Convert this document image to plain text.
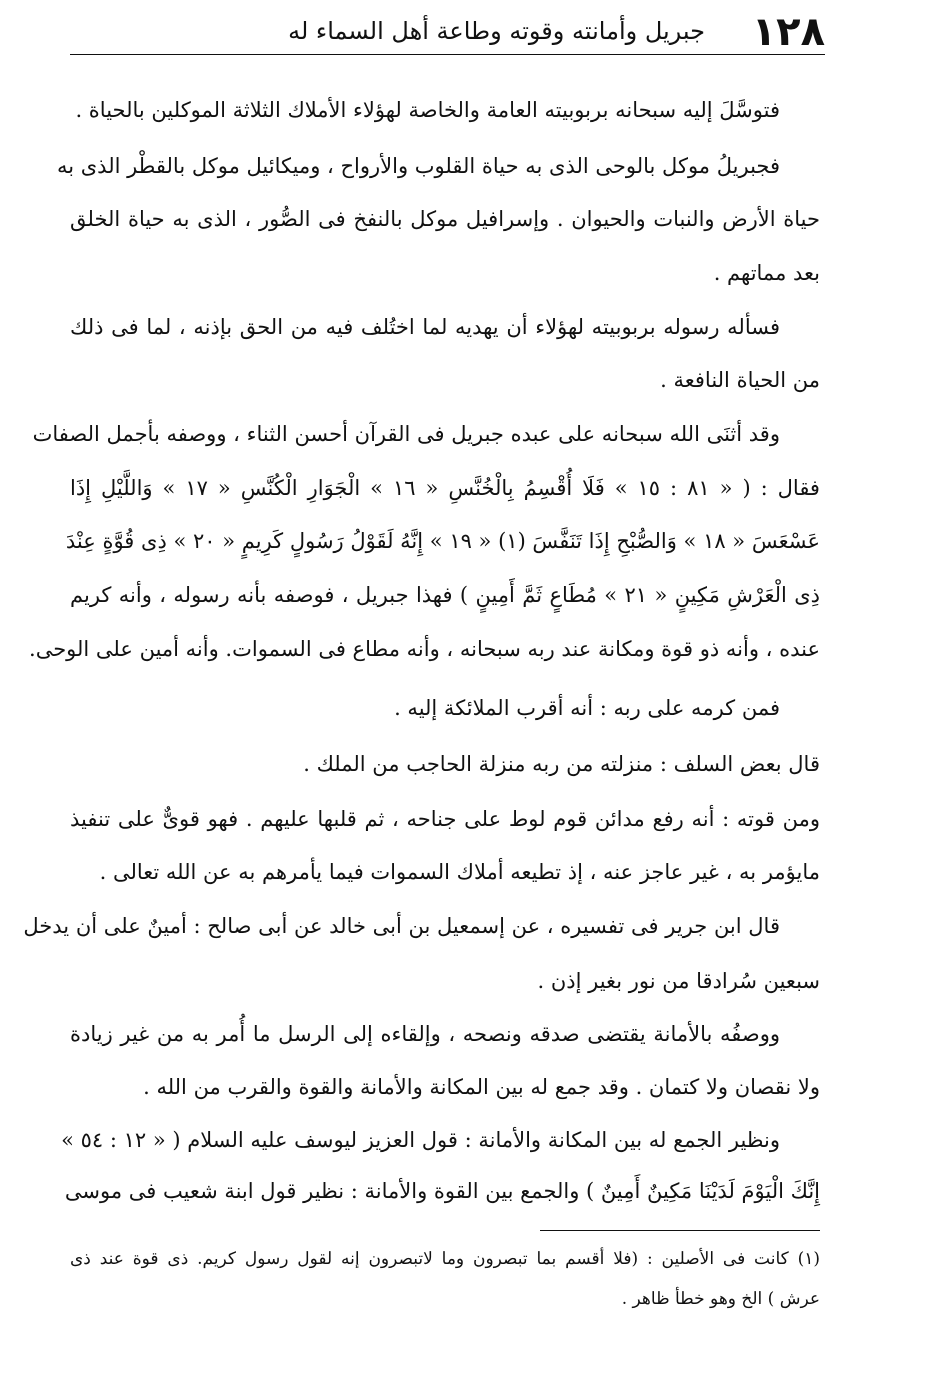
١٢٨
جبريل وأمانته وقوته وطاعة أهل السماء له
فتوسَّلَ إليه سبحانه بربوبيته العامة والخاصة لهؤلاء الأملاك الثلاثة الموكلين بالحياة .
فجبريلُ موكل بالوحى الذى به حياة القلوب والأرواح ، وميكائيل موكل بالقطْر الذى به
حياة الأرض والنبات والحيوان . وإسرافيل موكل بالنفخ فى الصُّور ، الذى به حياة الخلق
بعد مماتهم .
فسأله رسوله بربوبيته لهؤلاء أن يهديه لما اختُلف فيه من الحق بإذنه ، لما فى ذلك
من الحياة النافعة .
وقد أثنَى الله سبحانه على عبده جبريل فى القرآن أحسن الثناء ، ووصفه بأجمل الصفات
فقال : ( « ٨١ : ١٥ » فَلَا أُقْسِمُ بِالْخُنَّسِ « ١٦ » الْجَوَارِ الْكُنَّسِ « ١٧ » وَاللَّيْلِ إِذَا
عَسْعَسَ « ١٨ » وَالصُّبْحِ إِذَا تَنَفَّسَ (١) « ١٩ » إِنَّهُ لَقَوْلُ رَسُولٍ كَرِيمٍ « ٢٠ » ذِى قُوَّةٍ عِنْدَ
ذِى الْعَرْشِ مَكِينٍ « ٢١ » مُطَاعٍ ثَمَّ أَمِينٍ ) فهذا جبريل ، فوصفه بأنه رسوله ، وأنه كريم
عنده ، وأنه ذو قوة ومكانة عند ربه سبحانه ، وأنه مطاع فى السموات. وأنه أمين على الوحى.
فمن كرمه على ربه : أنه أقرب الملائكة إليه .
قال بعض السلف : منزلته من ربه منزلة الحاجب من الملك .
ومن قوته : أنه رفع مدائن قوم لوط على جناحه ، ثم قلبها عليهم . فهو قوىٌّ على تنفيذ
مايؤمر به ، غير عاجز عنه ، إذ تطيعه أملاك السموات فيما يأمرهم به عن الله تعالى .
قال ابن جرير فى تفسيره ، عن إسمعيل بن أبى خالد عن أبى صالح : أمينٌ على أن يدخل
سبعين سُرادقا من نور بغير إذن .
ووصفُه بالأمانة يقتضى صدقه ونصحه ، وإلقاءه إلى الرسل ما أُمر به من غير زيادة
ولا نقصان ولا كتمان . وقد جمع له بين المكانة والأمانة والقوة والقرب من الله .
ونظير الجمع له بين المكانة والأمانة : قول العزيز ليوسف عليه السلام ( « ١٢ : ٥٤ »
إِنَّكَ الْيَوْمَ لَدَيْنَا مَكِينٌ أَمِينٌ ) والجمع بين القوة والأمانة : نظير قول ابنة شعيب فى موسى
(١) كانت فى الأصلين : (فلا أقسم بما تبصرون وما لاتبصرون إنه لقول رسول كريم. ذى قوة عند ذى
عرش ) الخ وهو خطأ ظاهر .
